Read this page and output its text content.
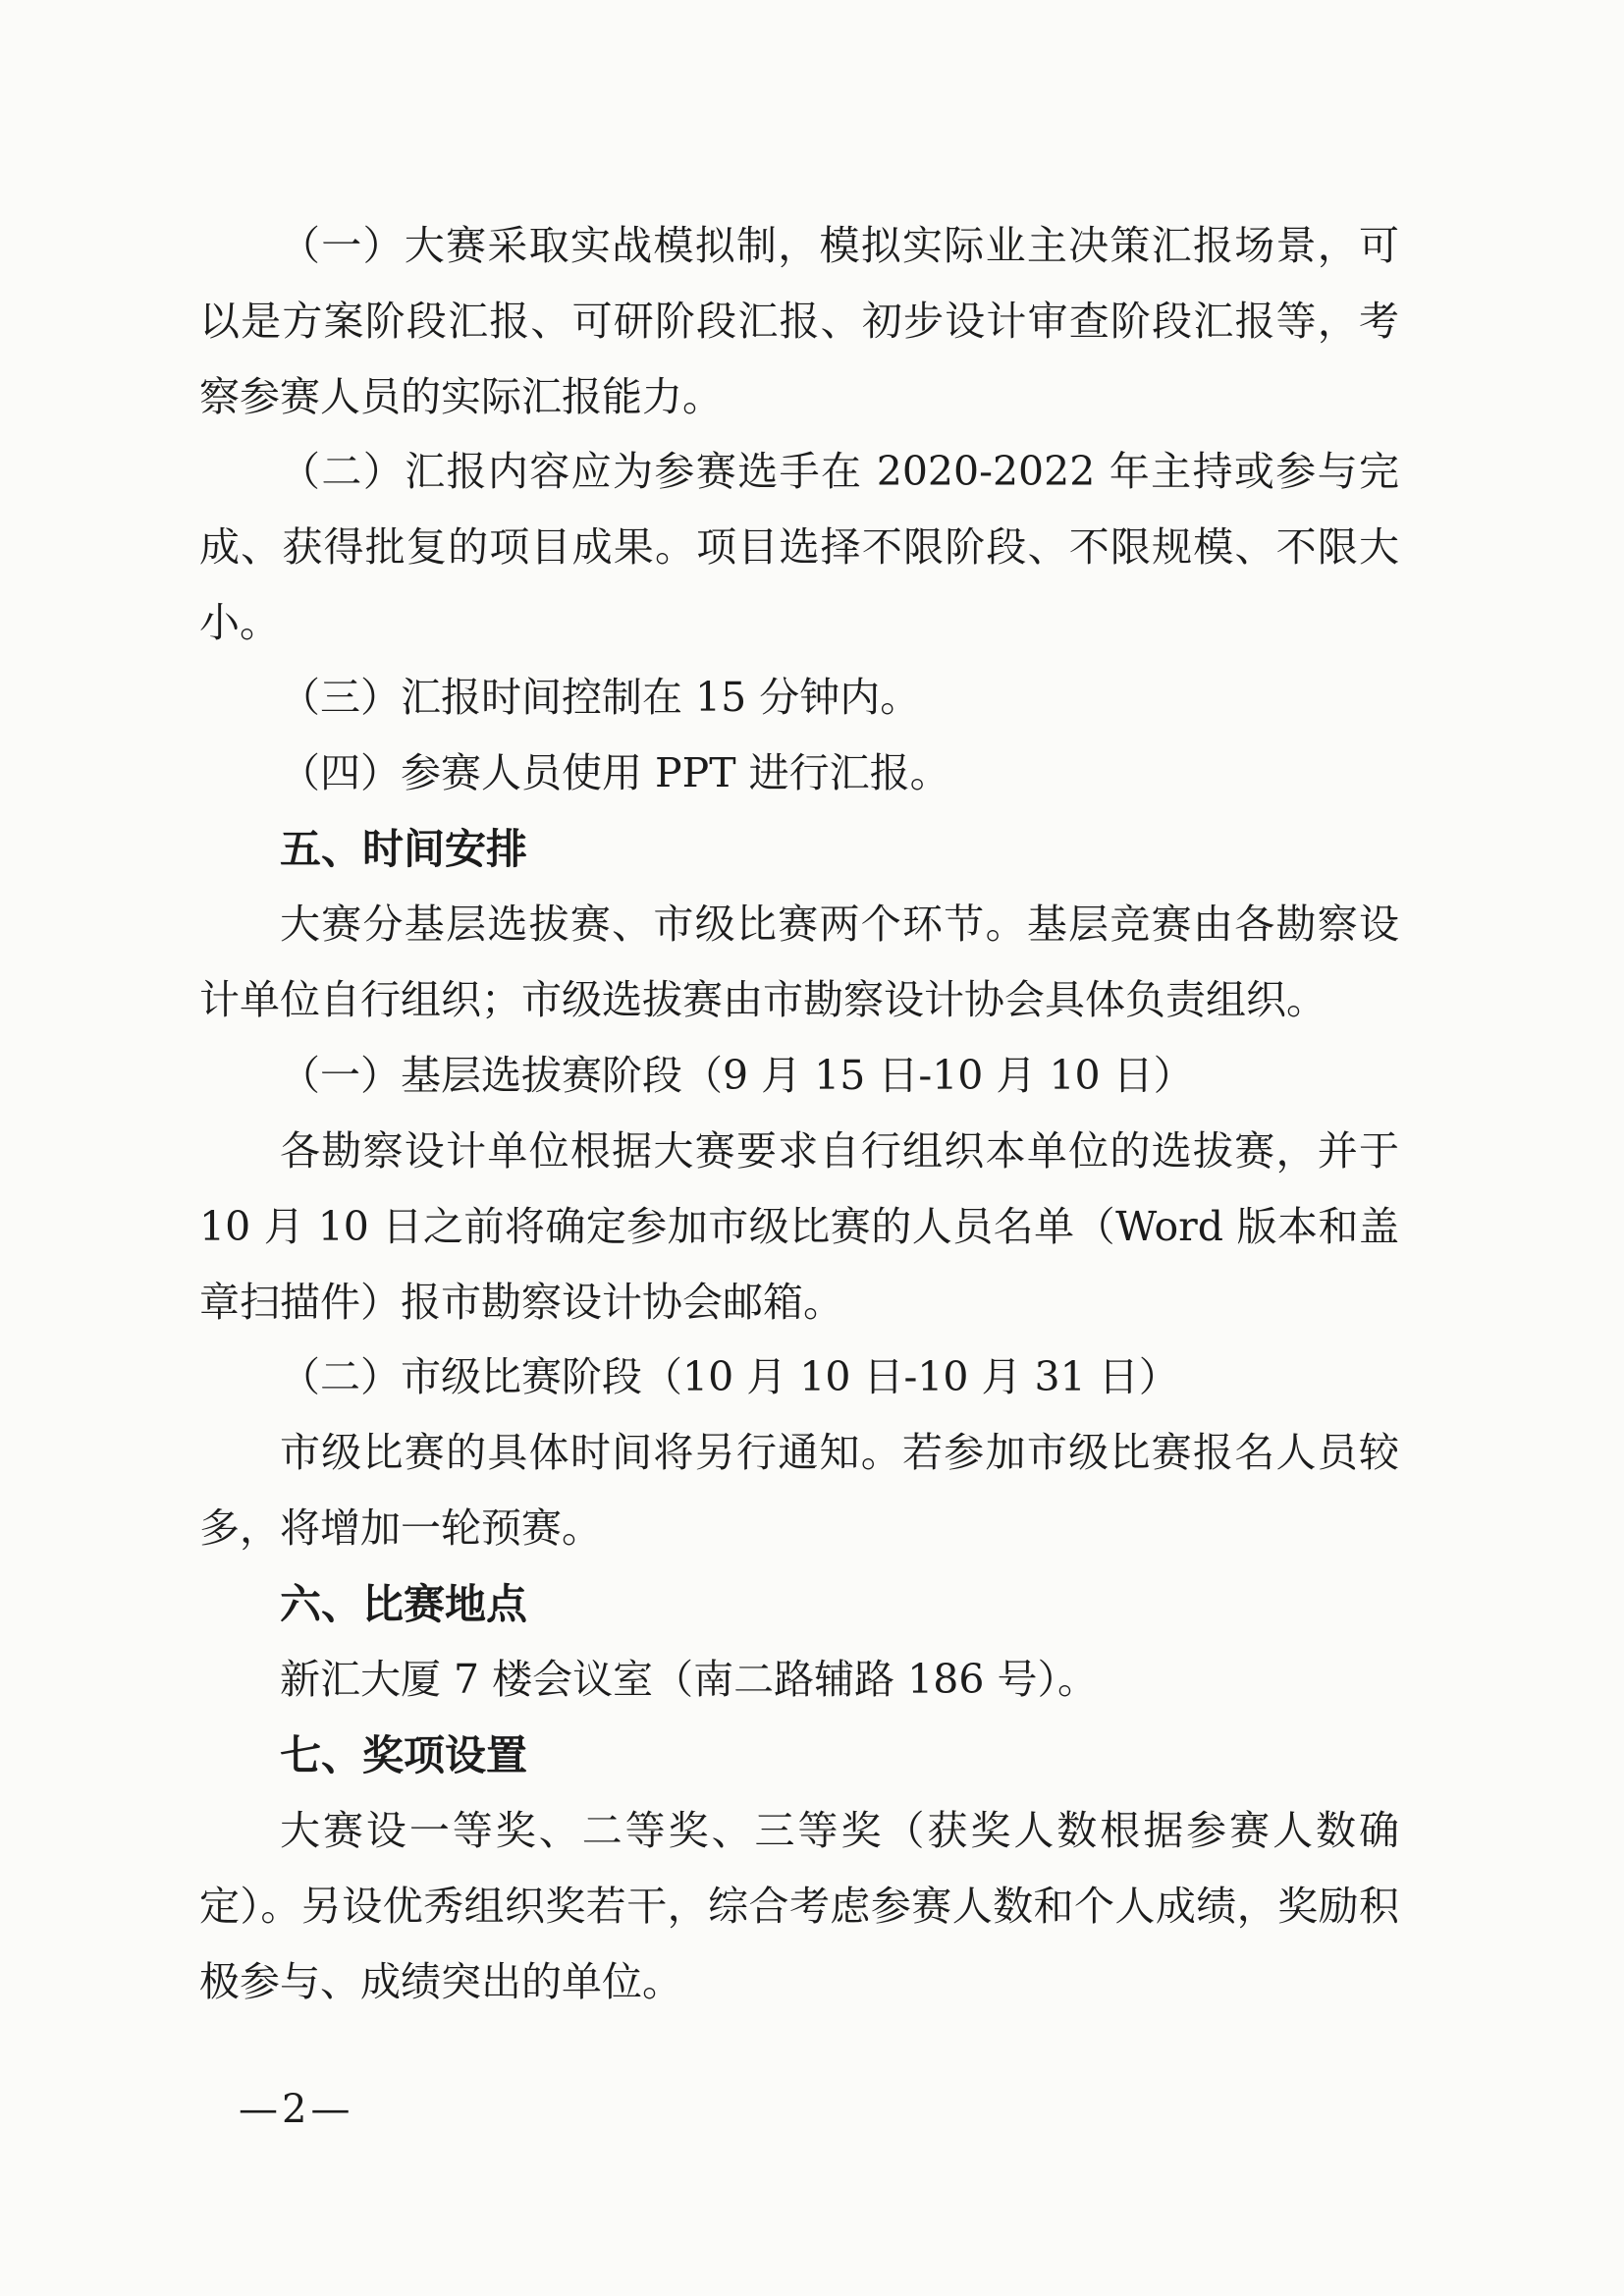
（一）大赛采取实战模拟制，模拟实际业主决策汇报场景，可以是方案阶段汇报、可研阶段汇报、初步设计审查阶段汇报等，考察参赛人员的实际汇报能力。

（二）汇报内容应为参赛选手在 2020-2022 年主持或参与完成、获得批复的项目成果。项目选择不限阶段、不限规模、不限大小。

（三）汇报时间控制在 15 分钟内。

（四）参赛人员使用 PPT 进行汇报。

五、时间安排

大赛分基层选拔赛、市级比赛两个环节。基层竞赛由各勘察设计单位自行组织；市级选拔赛由市勘察设计协会具体负责组织。

（一）基层选拔赛阶段（9 月 15 日-10 月 10 日）

各勘察设计单位根据大赛要求自行组织本单位的选拔赛，并于 10 月 10 日之前将确定参加市级比赛的人员名单（Word 版本和盖章扫描件）报市勘察设计协会邮箱。

（二）市级比赛阶段（10 月 10 日-10 月 31 日）

市级比赛的具体时间将另行通知。若参加市级比赛报名人员较多，将增加一轮预赛。

六、比赛地点

新汇大厦 7 楼会议室（南二路辅路 186 号）。

七、奖项设置

大赛设一等奖、二等奖、三等奖（获奖人数根据参赛人数确定）。另设优秀组织奖若干，综合考虑参赛人数和个人成绩，奖励积极参与、成绩突出的单位。

—2—
